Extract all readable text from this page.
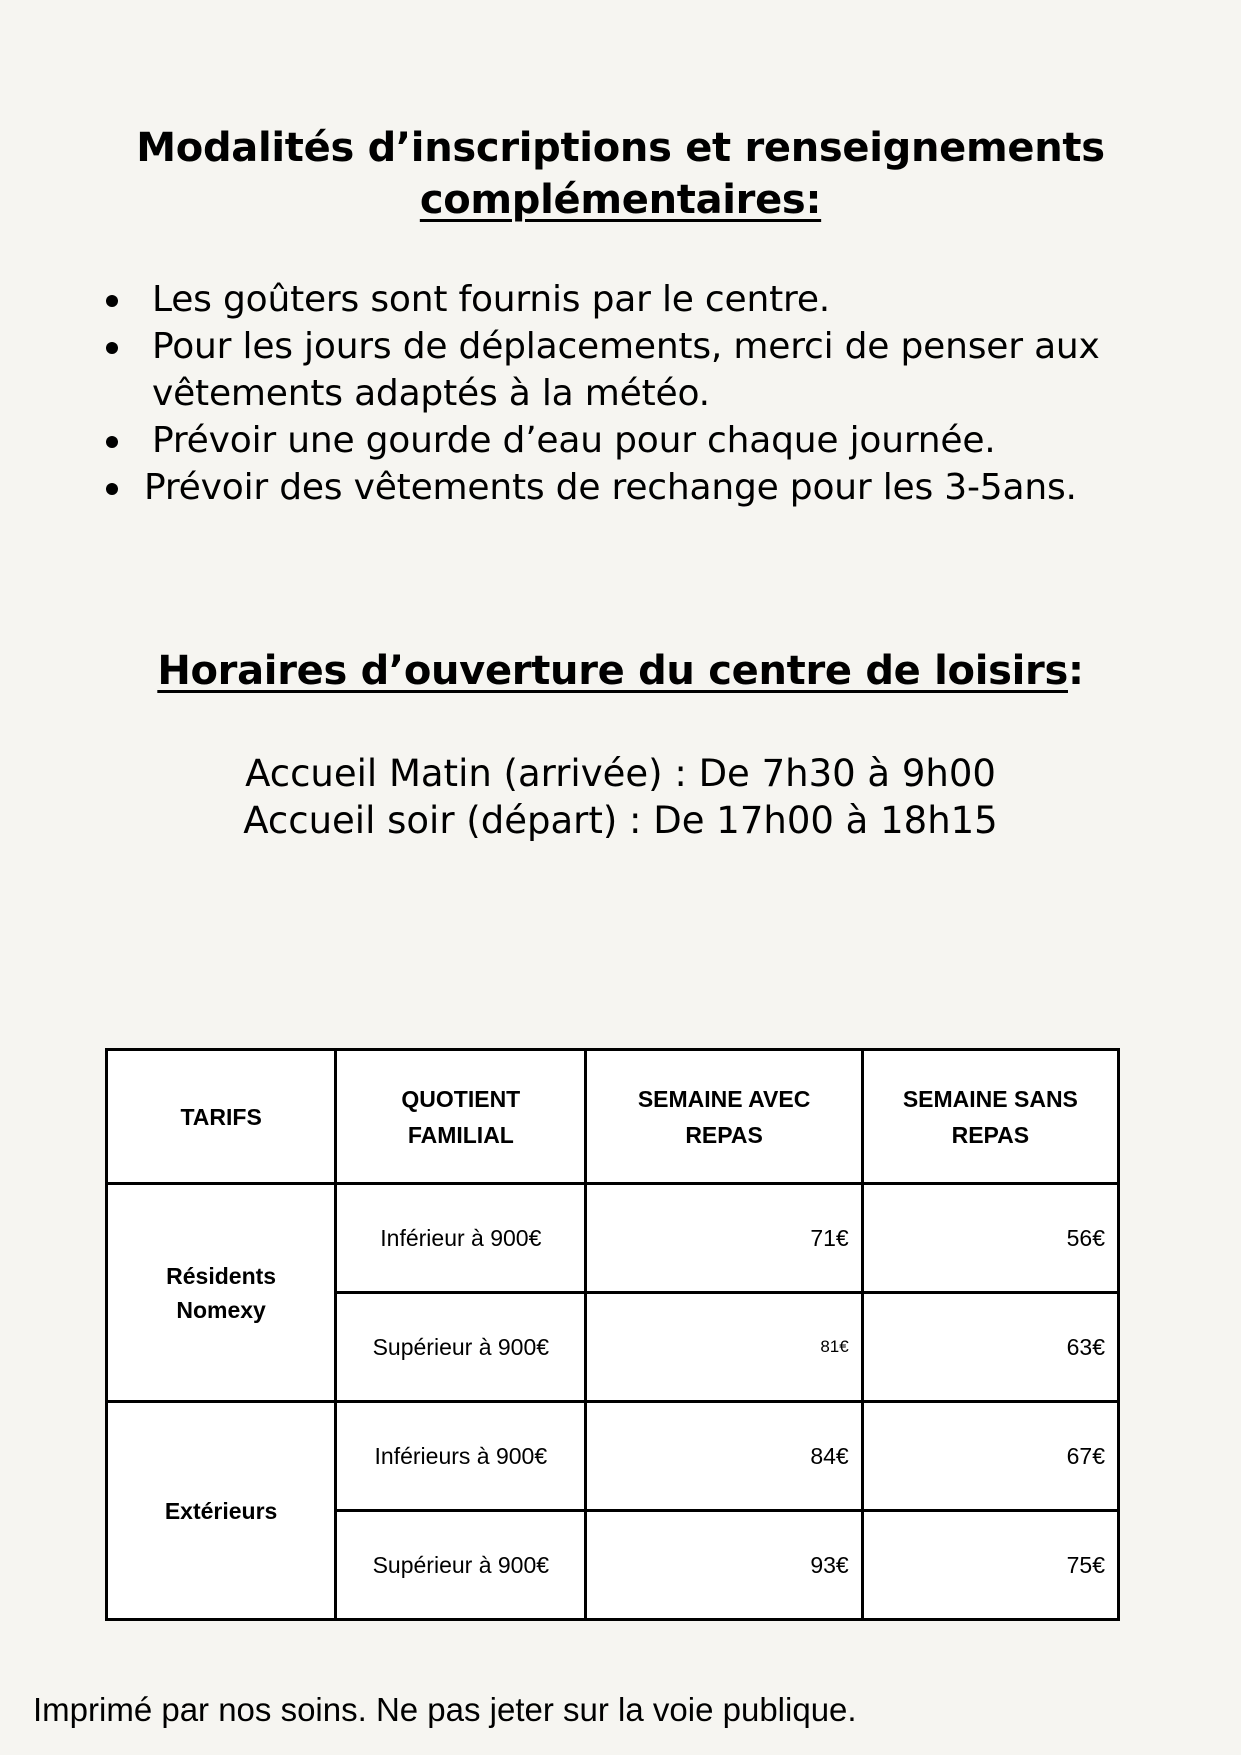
Modalités d’inscriptions et renseignements
complémentaires:
Les goûters sont fournis par le centre.
Pour les jours de déplacements, merci de penser aux vêtements adaptés à la météo.
Prévoir une gourde d’eau pour chaque journée.
Prévoir des vêtements de rechange pour les 3-5ans.
Horaires d’ouverture du centre de loisirs:
Accueil Matin (arrivée) : De 7h30 à 9h00
Accueil soir (départ) : De 17h00 à 18h15
TARIFS	QUOTIENT FAMILIAL	SEMAINE AVEC REPAS	SEMAINE SANS REPAS
Résidents Nomexy	Inférieur à 900€	71€	56€
	Supérieur à 900€	81€	63€
Extérieurs	Inférieurs à 900€	84€	67€
	Supérieur à 900€	93€	75€
Imprimé par nos soins. Ne pas jeter sur la voie publique.
